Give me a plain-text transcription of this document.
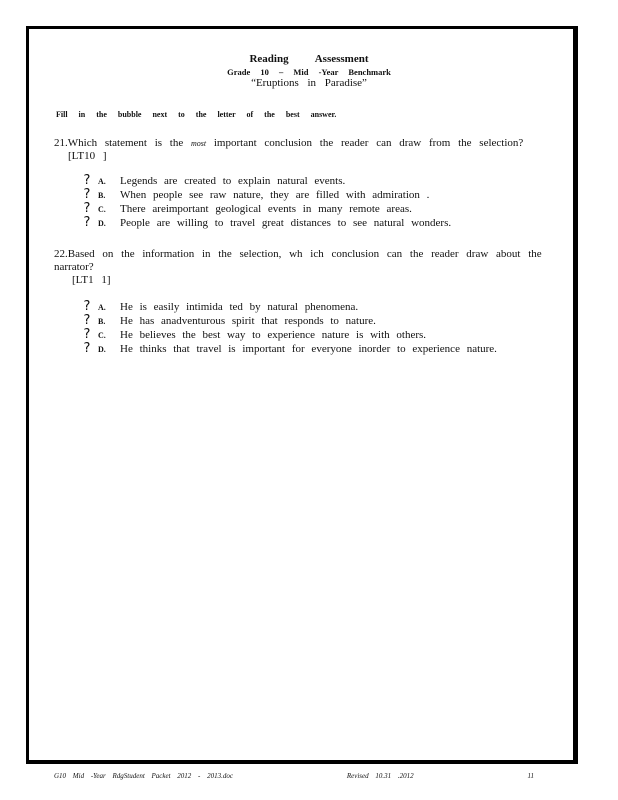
Reading Assessment
Grade 10 – Mid -Year Benchmark
“Eruptions in Paradise”
Fill in the bubble next to the letter of the best answer.
21.Which statement is the most important conclusion the reader can draw from the selection?[LT10 ]
? A.	Legends are created to explain natural events.
? B.	When people see raw nature, they are filled with admiration .
? C.	There areimportant geological events in many remote areas.
? D.	People are willing to travel great distances to see natural wonders.
22.Based on the information in the selection, wh ich conclusion can the reader draw about the narrator?
[LT1 1]
? A.	He is easily intimida ted by natural phenomena.
? B.	He has anadventurous spirit that responds to nature.
? C.	He believes the best way to experience nature is with others.
? D.	He thinks that travel is important for everyone inorder to experience nature.
G10 Mid -Year RdgStudent Packet 2012 - 2013.doc	Revised 10.31 .2012	11
